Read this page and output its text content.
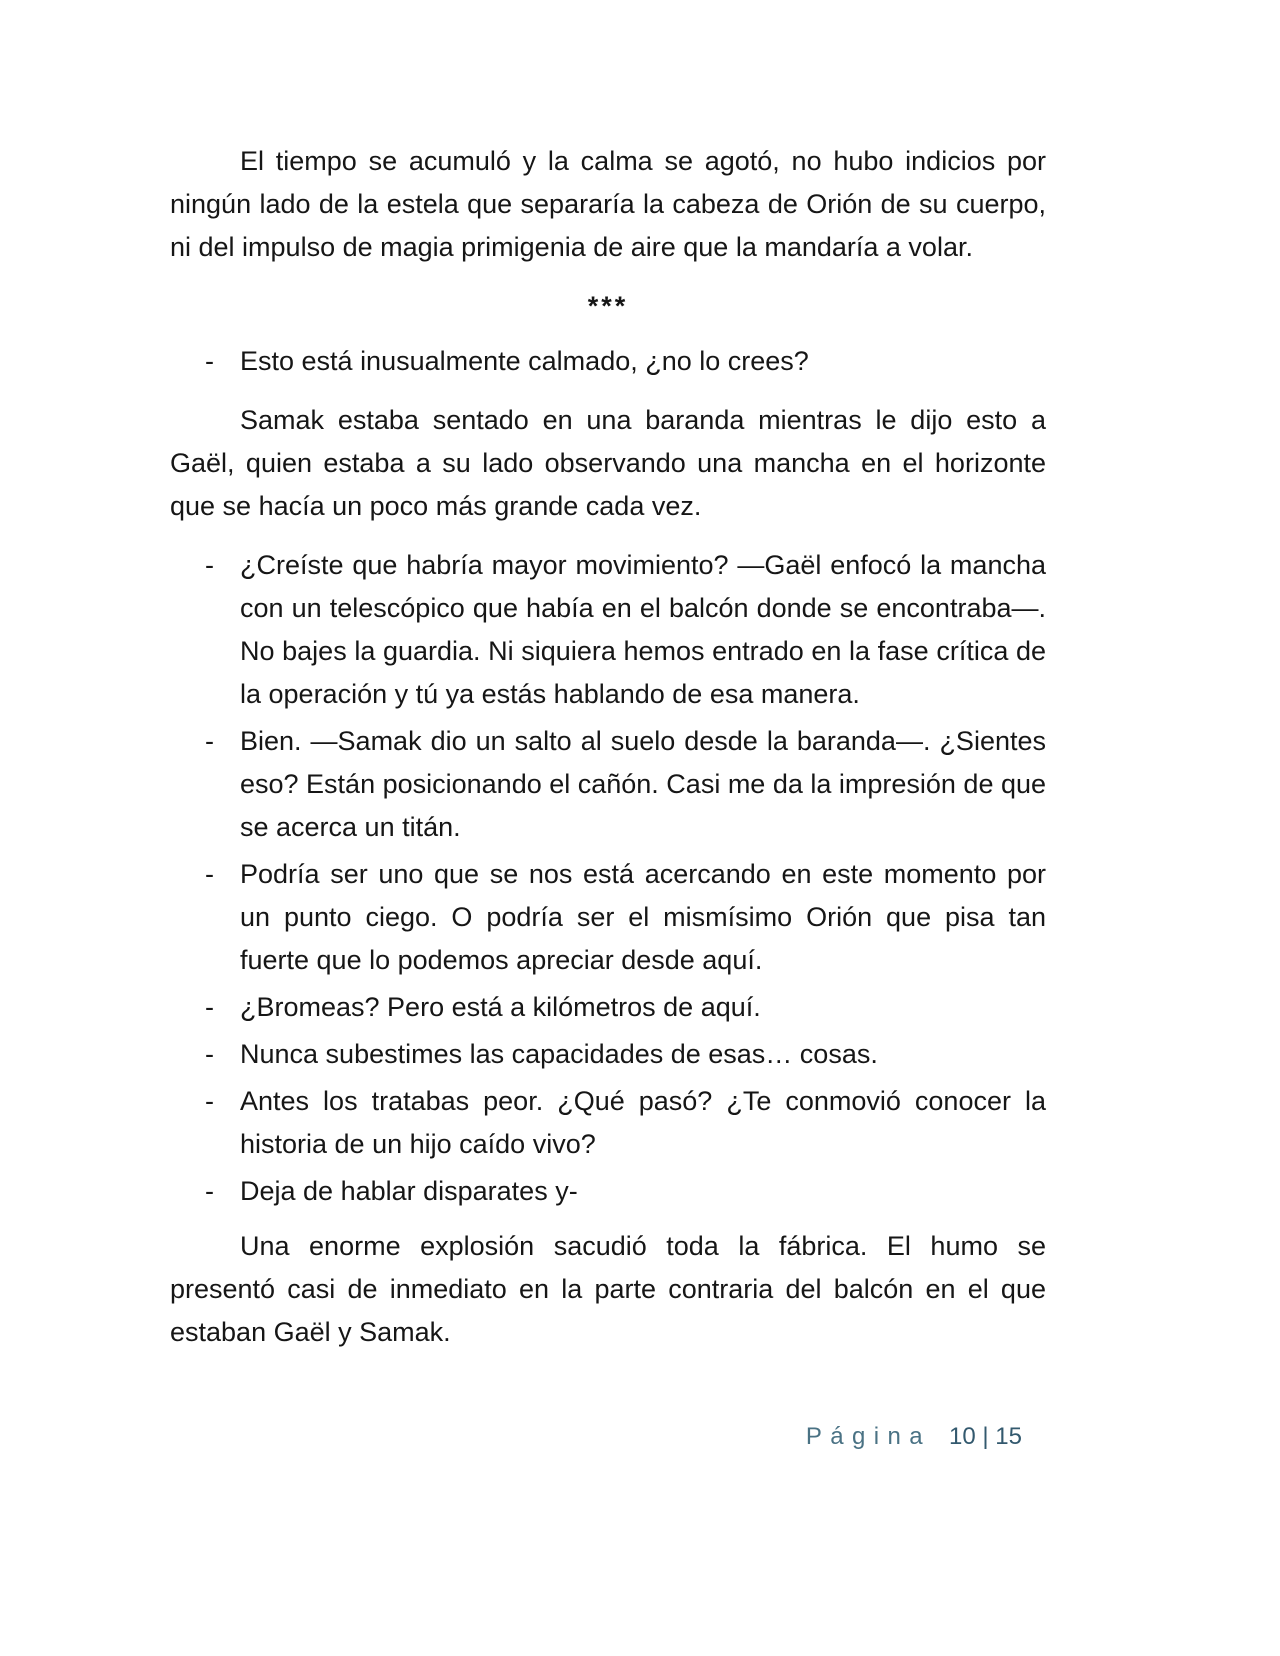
El tiempo se acumuló y la calma se agotó, no hubo indicios por ningún lado de la estela que separaría la cabeza de Orión de su cuerpo, ni del impulso de magia primigenia de aire que la mandaría a volar.

***
- Esto está inusualmente calmado, ¿no lo crees?

Samak estaba sentado en una baranda mientras le dijo esto a Gaël, quien estaba a su lado observando una mancha en el horizonte que se hacía un poco más grande cada vez.

- ¿Creíste que habría mayor movimiento? —Gaël enfocó la mancha con un telescópico que había en el balcón donde se encontraba—. No bajes la guardia. Ni siquiera hemos entrado en la fase crítica de la operación y tú ya estás hablando de esa manera.
- Bien. —Samak dio un salto al suelo desde la baranda—. ¿Sientes eso? Están posicionando el cañón. Casi me da la impresión de que se acerca un titán.
- Podría ser uno que se nos está acercando en este momento por un punto ciego. O podría ser el mismísimo Orión que pisa tan fuerte que lo podemos apreciar desde aquí.
- ¿Bromeas? Pero está a kilómetros de aquí.
- Nunca subestimes las capacidades de esas… cosas.
- Antes los tratabas peor. ¿Qué pasó? ¿Te conmovió conocer la historia de un hijo caído vivo?
- Deja de hablar disparates y-

Una enorme explosión sacudió toda la fábrica. El humo se presentó casi de inmediato en la parte contraria del balcón en el que estaban Gaël y Samak.

Página 10 | 15
